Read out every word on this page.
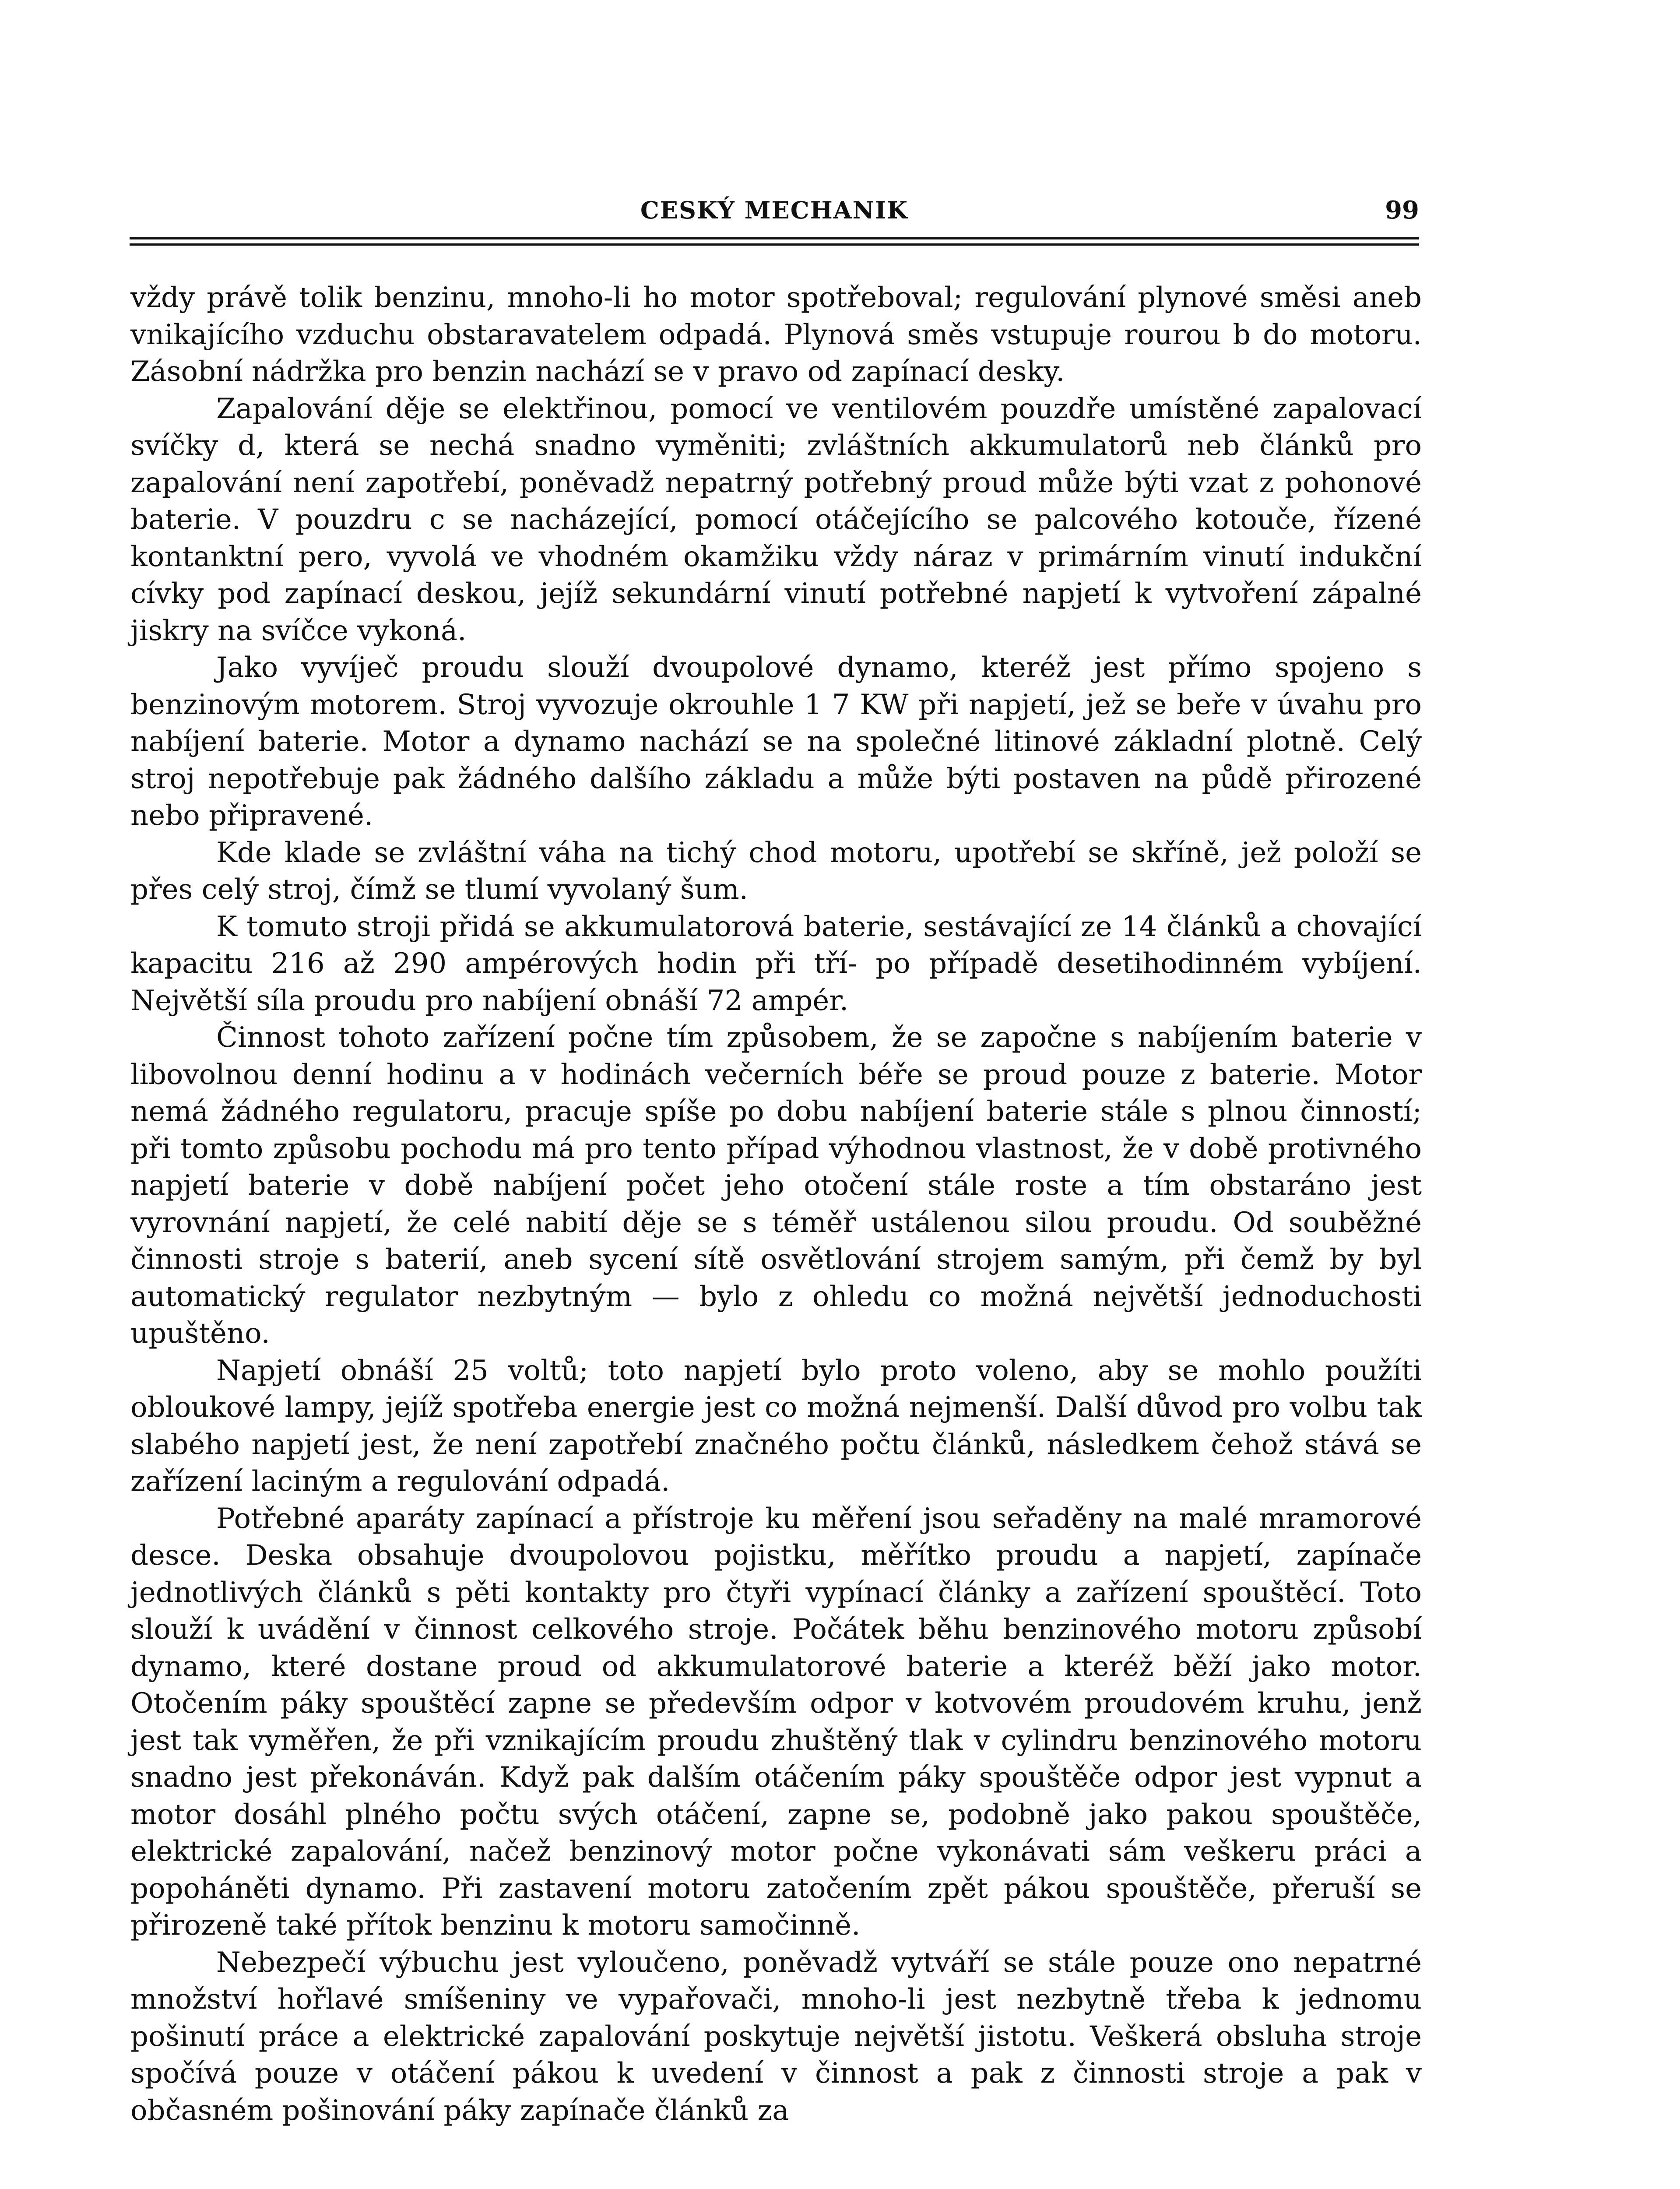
CESKÝ MECHANIK	99

vždy právě tolik benzinu, mnoho-li ho motor spotřeboval; regulování plynové směsi aneb vnikajícího vzduchu obstaravatelem odpadá. Plynová směs vstupuje rourou b do motoru. Zásobní nádržka pro benzin nachází se v pravo od zapínací desky.

Zapalování děje se elektřinou, pomocí ve ventilovém pouzdře umístěné zapalovací svíčky d, která se nechá snadno vyměniti; zvláštních akkumulatorů neb článků pro zapalování není zapotřebí, poněvadž nepatrný potřebný proud může býti vzat z pohonové baterie. V pouzdru c se nacházející, pomocí otáčejícího se palcového kotouče, řízené kontanktní pero, vyvolá ve vhodném okamžiku vždy náraz v primárním vinutí indukční cívky pod zapínací deskou, jejíž sekundární vinutí potřebné napjetí k vytvoření zápalné jiskry na svíčce vykoná.

Jako vyvíječ proudu slouží dvoupolové dynamo, kteréž jest přímo spojeno s benzinovým motorem. Stroj vyvozuje okrouhle 1 7 KW při napjetí, jež se beře v úvahu pro nabíjení baterie. Motor a dynamo nachází se na společné litinové základní plotně. Celý stroj nepotřebuje pak žádného dalšího základu a může býti postaven na půdě přirozené nebo připravené.

Kde klade se zvláštní váha na tichý chod motoru, upotřebí se skříně, jež položí se přes celý stroj, čímž se tlumí vyvolaný šum.

K tomuto stroji přidá se akkumulatorová baterie, sestávající ze 14 článků a chovající kapacitu 216 až 290 ampérových hodin při tří- po případě desetihodinném vybíjení. Největší síla proudu pro nabíjení obnáší 72 ampér.

Činnost tohoto zařízení počne tím způsobem, že se započne s nabíjením baterie v libovolnou denní hodinu a v hodinách večerních béře se proud pouze z baterie. Motor nemá žádného regulatoru, pracuje spíše po dobu nabíjení baterie stále s plnou činností; při tomto způsobu pochodu má pro tento případ výhodnou vlastnost, že v době protivného napjetí baterie v době nabíjení počet jeho otočení stále roste a tím obstaráno jest vyrovnání napjetí, že celé nabití děje se s téměř ustálenou silou proudu. Od souběžné činnosti stroje s baterií, aneb sycení sítě osvětlování strojem samým, při čemž by byl automatický regulator nezbytným — bylo z ohledu co možná největší jednoduchosti upuštěno.

Napjetí obnáší 25 voltů; toto napjetí bylo proto voleno, aby se mohlo použíti obloukové lampy, jejíž spotřeba energie jest co možná nejmenší. Další důvod pro volbu tak slabého napjetí jest, že není zapotřebí značného počtu článků, následkem čehož stává se zařízení laciným a regulování odpadá.

Potřebné aparáty zapínací a přístroje ku měření jsou seřaděny na malé mramorové desce. Deska obsahuje dvoupolovou pojistku, měřítko proudu a napjetí, zapínače jednotlivých článků s pěti kontakty pro čtyři vypínací články a zařízení spouštěcí. Toto slouží k uvádění v činnost celkového stroje. Počátek běhu benzinového motoru způsobí dynamo, které dostane proud od akkumulatorové baterie a kteréž běží jako motor. Otočením páky spouštěcí zapne se především odpor v kotvovém proudovém kruhu, jenž jest tak vyměřen, že při vznikajícím proudu zhuštěný tlak v cylindru benzinového motoru snadno jest překonáván. Když pak dalším otáčením páky spouštěče odpor jest vypnut a motor dosáhl plného počtu svých otáčení, zapne se, podobně jako pakou spouštěče, elektrické zapalování, načež benzinový motor počne vykonávati sám veškeru práci a popoháněti dynamo. Při zastavení motoru zatočením zpět pákou spouštěče, přeruší se přirozeně také přítok benzinu k motoru samočinně.

Nebezpečí výbuchu jest vyloučeno, poněvadž vytváří se stále pouze ono nepatrné množství hořlavé smíšeniny ve vypařovači, mnoho-li jest nezbytně třeba k jednomu pošinutí práce a elektrické zapalování poskytuje největší jistotu. Veškerá obsluha stroje spočívá pouze v otáčení pákou k uvedení v činnost a pak z činnosti stroje a pak v občasném pošinování páky zapínače článků za
